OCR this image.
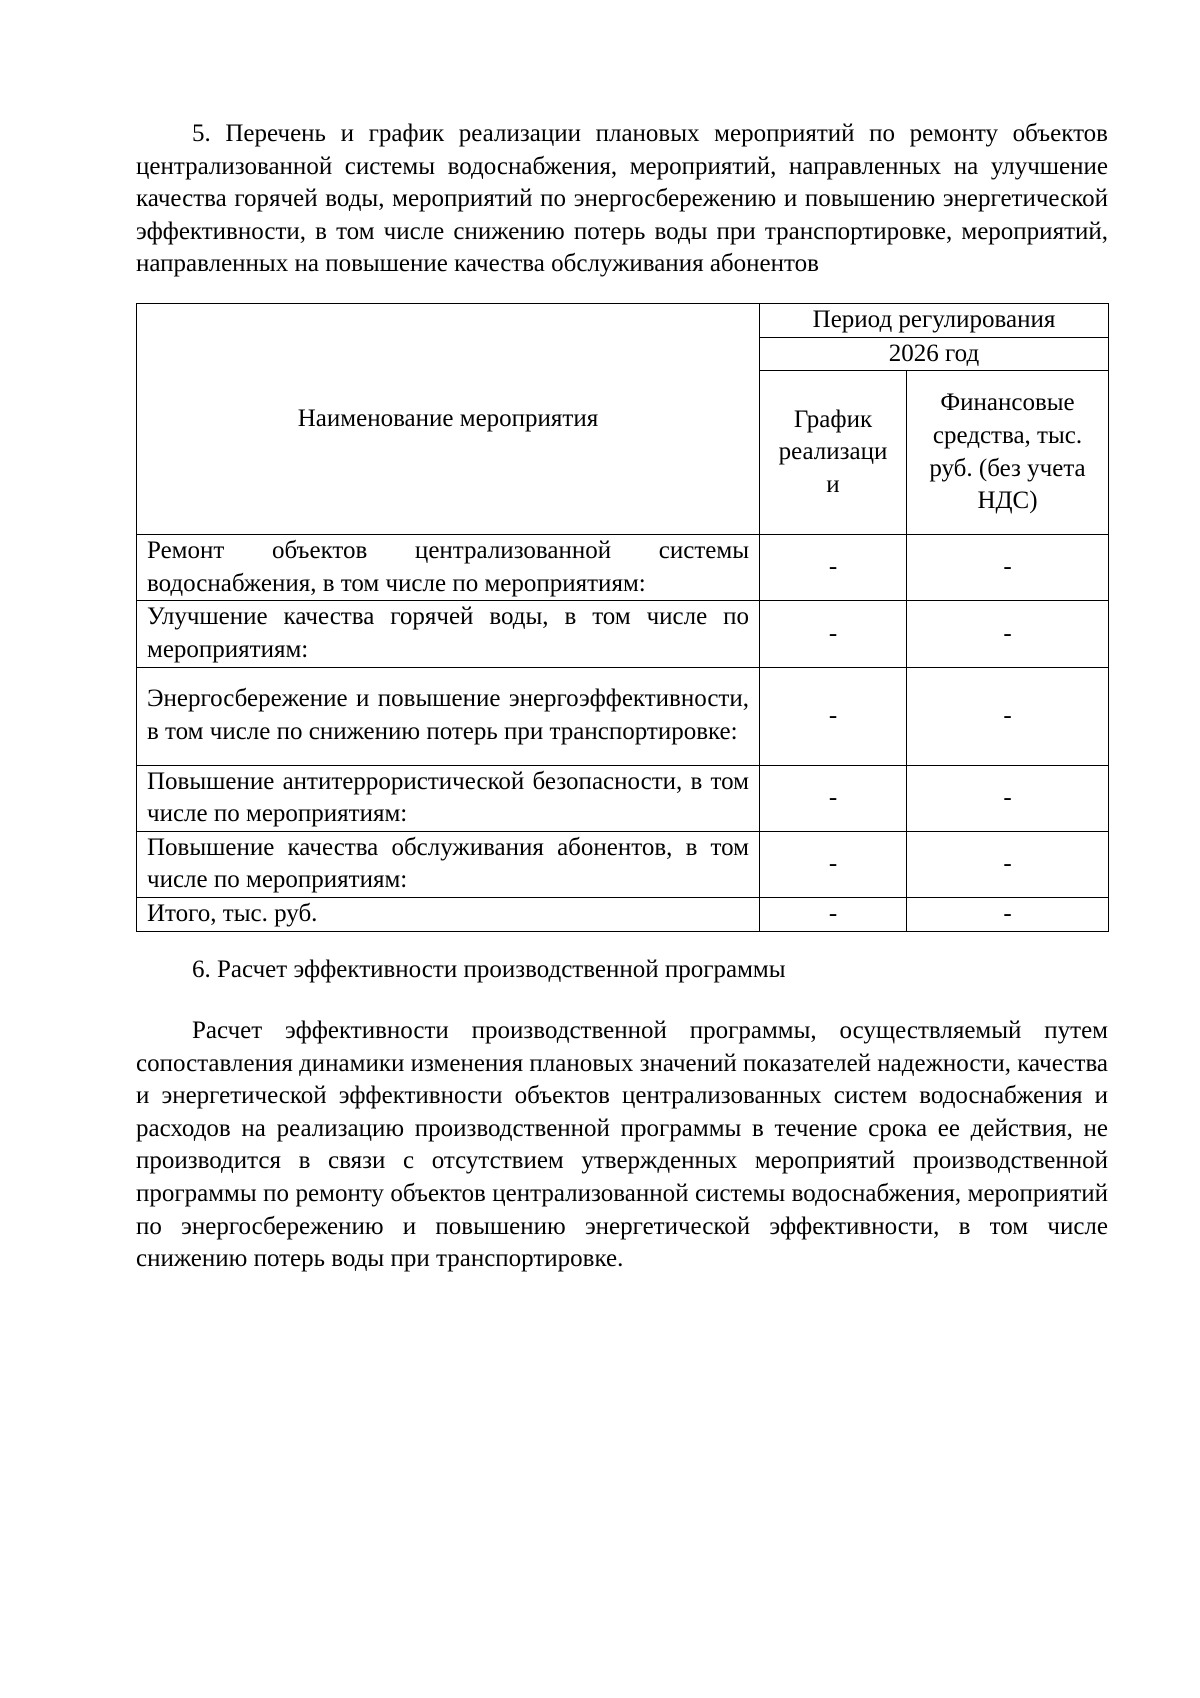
5. Перечень и график реализации плановых мероприятий по ремонту объектов централизованной системы водоснабжения, мероприятий, направленных на улучшение качества горячей воды, мероприятий по энергосбережению и повышению энергетической эффективности, в том числе снижению потерь воды при транспортировке, мероприятий, направленных на повышение качества обслуживания абонентов

Наименование мероприятия	Период регулирования	
	2026 год	
	График реализаци и	Финансовые средства, тыс. руб. (без учета НДС)
Ремонт объектов централизованной системы водоснабжения, в том числе по мероприятиям:	-	-
Улучшение качества горячей воды, в том числе по мероприятиям:	-	-
Энергосбережение и повышение энергоэффективности, в том числе по снижению потерь при транспортировке:	-	-
Повышение антитеррористической безопасности, в том числе по мероприятиям:	-	-
Повышение качества обслуживания абонентов, в том числе по мероприятиям:	-	-
Итого, тыс. руб.	-	-

6. Расчет эффективности производственной программы

Расчет эффективности производственной программы, осуществляемый путем сопоставления динамики изменения плановых значений показателей надежности, качества и энергетической эффективности объектов централизованных систем водоснабжения и расходов на реализацию производственной программы в течение срока ее действия, не производится в связи с отсутствием утвержденных мероприятий производственной программы по ремонту объектов централизованной системы водоснабжения, мероприятий по энергосбережению и повышению энергетической эффективности, в том числе снижению потерь воды при транспортировке.
